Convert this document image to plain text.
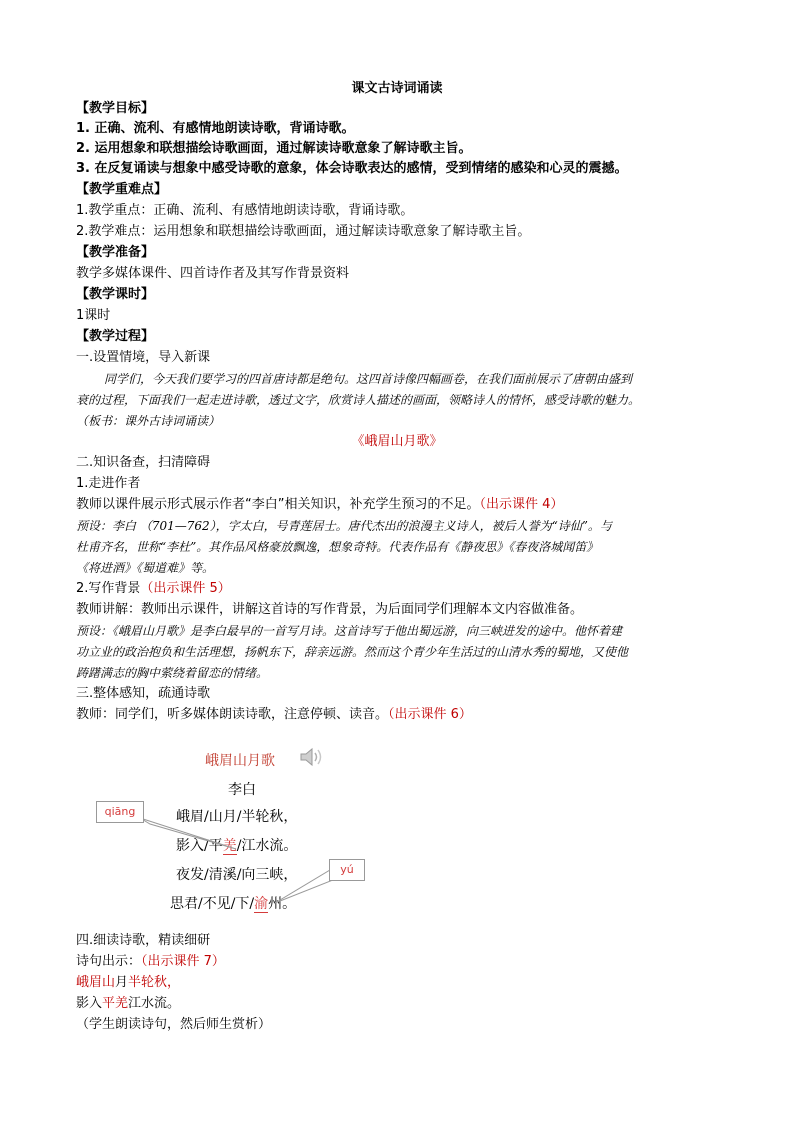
课文古诗词诵读
【教学目标】
1. 正确、流利、有感情地朗读诗歌，背诵诗歌。
2. 运用想象和联想描绘诗歌画面，通过解读诗歌意象了解诗歌主旨。
3. 在反复诵读与想象中感受诗歌的意象，体会诗歌表达的感情，受到情绪的感染和心灵的震撼。
【教学重难点】
1.教学重点：正确、流利、有感情地朗读诗歌，背诵诗歌。
2.教学难点：运用想象和联想描绘诗歌画面，通过解读诗歌意象了解诗歌主旨。
【教学准备】
教学多媒体课件、四首诗作者及其写作背景资料
【教学课时】
1课时
【教学过程】
一.设置情境，导入新课
同学们，今天我们要学习的四首唐诗都是绝句。这四首诗像四幅画卷，在我们面前展示了唐朝由盛到
衰的过程，下面我们一起走进诗歌，透过文字，欣赏诗人描述的画面，领略诗人的情怀，感受诗歌的魅力。
（板书：课外古诗词诵读）
《峨眉山月歌》
二.知识备查，扫清障碍
1.走进作者
教师以课件展示形式展示作者“李白”相关知识，补充学生预习的不足。（出示课件 4）
预设：李白 （701—762），字太白，号青莲居士。唐代杰出的浪漫主义诗人，被后人誉为“诗仙”。与
杜甫齐名，世称“李杜”。其作品风格豪放飘逸，想象奇特。代表作品有《静夜思》《春夜洛城闻笛》
《将进酒》《蜀道难》等。
2.写作背景（出示课件 5）
教师讲解：教师出示课件，讲解这首诗的写作背景，为后面同学们理解本文内容做准备。
预设：《峨眉山月歌》是李白最早的一首写月诗。这首诗写于他出蜀远游，向三峡进发的途中。他怀着建
功立业的政治抱负和生活理想，扬帆东下，辞亲远游。然而这个青少年生活过的山清水秀的蜀地，又使他
踌躇满志的胸中萦绕着留恋的情绪。
三.整体感知，疏通诗歌
教师：同学们，听多媒体朗读诗歌，注意停顿、读音。（出示课件 6）
峨眉山月歌
李白
峨眉/山月/半轮秋，
影入/平羌/江水流。
夜发/清溪/向三峡，
思君/不见/下/渝州。
qiāng
yú
四.细读诗歌，精读细研
诗句出示：（出示课件 7）
峨眉山月半轮秋，
影入平羌江水流。
（学生朗读诗句，然后师生赏析）
